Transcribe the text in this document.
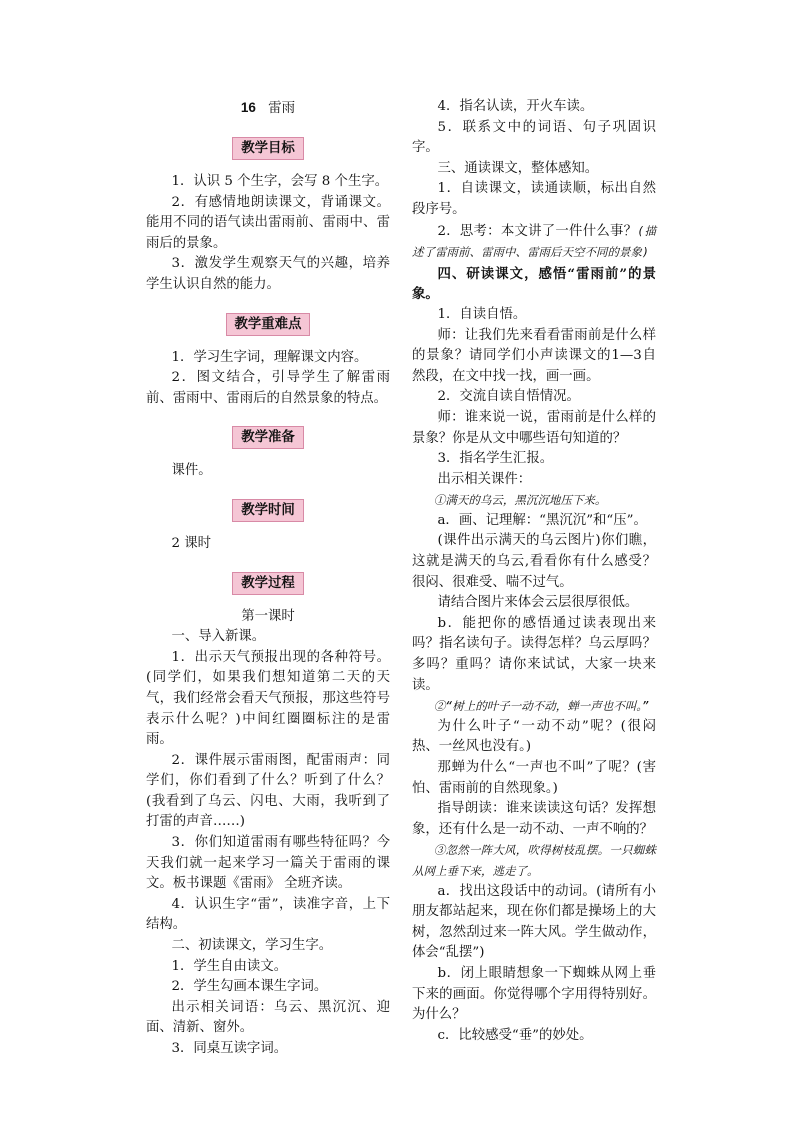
16 雷雨
教学目标

1．认识 5 个生字，会写 8 个生字。

2．有感情地朗读课文，背诵课文。能用不同的语气读出雷雨前、雷雨中、雷雨后的景象。

3．激发学生观察天气的兴趣，培养学生认识自然的能力。

教学重难点

1．学习生字词，理解课文内容。

2．图文结合，引导学生了解雷雨前、雷雨中、雷雨后的自然景象的特点。

教学准备

课件。

教学时间

2 课时

教学过程

第一课时

一、导入新课。

1．出示天气预报出现的各种符号。(同学们，如果我们想知道第二天的天气，我们经常会看天气预报，那这些符号表示什么呢？)中间红圈圈标注的是雷雨。

2．课件展示雷雨图，配雷雨声：同学们，你们看到了什么？听到了什么？(我看到了乌云、闪电、大雨，我听到了打雷的声音……)

3．你们知道雷雨有哪些特征吗？今天我们就一起来学习一篇关于雷雨的课文。板书课题《雷雨》 全班齐读。

4．认识生字“雷”，读准字音，上下结构。

二、初读课文，学习生字。

1．学生自由读文。

2．学生勾画本课生字词。

出示相关词语：乌云、黑沉沉、迎面、清新、窗外。

3．同桌互读字词。

4．指名认读，开火车读。

5．联系文中的词语、句子巩固识字。

三、通读课文，整体感知。

1．自读课文，读通读顺，标出自然段序号。

2．思考：本文讲了一件什么事？(描述了雷雨前、雷雨中、雷雨后天空不同的景象)

四、研读课文，感悟“雷雨前”的景象。

1．自读自悟。

师：让我们先来看看雷雨前是什么样的景象？请同学们小声读课文的1—3自然段，在文中找一找，画一画。

2．交流自读自悟情况。

师：谁来说一说，雷雨前是什么样的景象？你是从文中哪些语句知道的？

3．指名学生汇报。

出示相关课件：

①满天的乌云，黑沉沉地压下来。

a．画、记理解：“黑沉沉”和“压”。

(课件出示满天的乌云图片)你们瞧，这就是满天的乌云,看看你有什么感受？很闷、很难受、喘不过气。

请结合图片来体会云层很厚很低。

b．能把你的感悟通过读表现出来吗？指名读句子。读得怎样？乌云厚吗？多吗？重吗？请你来试试，大家一块来读。

②“树上的叶子一动不动，蝉一声也不叫。”

为什么叶子“一动不动”呢？(很闷热、一丝风也没有。)

那蝉为什么“一声也不叫”了呢？(害怕、雷雨前的自然现象。)

指导朗读：谁来读读这句话？发挥想象，还有什么是一动不动、一声不响的？

③忽然一阵大风，吹得树枝乱摆。一只蜘蛛从网上垂下来，逃走了。

a．找出这段话中的动词。(请所有小朋友都站起来，现在你们都是操场上的大树，忽然刮过来一阵大风。学生做动作，体会“乱摆”)

b．闭上眼睛想象一下蜘蛛从网上垂下来的画面。你觉得哪个字用得特别好。为什么？

c．比较感受“垂”的妙处。
